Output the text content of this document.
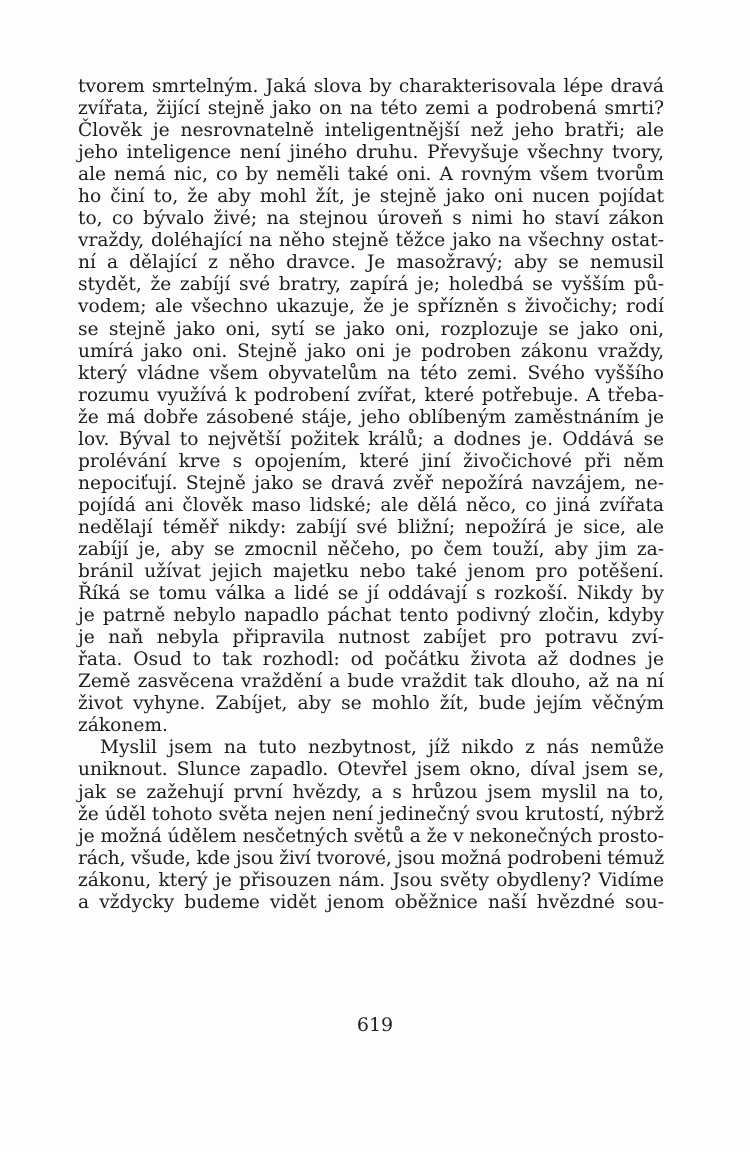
tvorem smrtelným. Jaká slova by charakterisovala lépe dravá
zvířata, žijící stejně jako on na této zemi a podrobená smrti?
Člověk je nesrovnatelně inteligentnější než jeho bratři; ale
jeho inteligence není jiného druhu. Převyšuje všechny tvory,
ale nemá nic, co by neměli také oni. A rovným všem tvorům
ho činí to, že aby mohl žít, je stejně jako oni nucen pojídat
to, co bývalo živé; na stejnou úroveň s nimi ho staví zákon
vraždy, doléhající na něho stejně těžce jako na všechny ostat-
ní a dělající z něho dravce. Je masožravý; aby se nemusil
stydět, že zabíjí své bratry, zapírá je; holedbá se vyšším pů-
vodem; ale všechno ukazuje, že je spřízněn s živočichy; rodí
se stejně jako oni, sytí se jako oni, rozplozuje se jako oni,
umírá jako oni. Stejně jako oni je podroben zákonu vraždy,
který vládne všem obyvatelům na této zemi. Svého vyššího
rozumu využívá k podrobení zvířat, které potřebuje. A třeba-
že má dobře zásobené stáje, jeho oblíbeným zaměstnáním je
lov. Býval to největší požitek králů; a dodnes je. Oddává se
prolévání krve s opojením, které jiní živočichové při něm
nepociťují. Stejně jako se dravá zvěř nepožírá navzájem, ne-
pojídá ani člověk maso lidské; ale dělá něco, co jiná zvířata
nedělají téměř nikdy: zabíjí své bližní; nepožírá je sice, ale
zabíjí je, aby se zmocnil něčeho, po čem touží, aby jim za-
bránil užívat jejich majetku nebo také jenom pro potěšení.
Říká se tomu válka a lidé se jí oddávají s rozkoší. Nikdy by
je patrně nebylo napadlo páchat tento podivný zločin, kdyby
je naň nebyla připravila nutnost zabíjet pro potravu zví-
řata. Osud to tak rozhodl: od počátku života až dodnes je
Země zasvěcena vraždění a bude vraždit tak dlouho, až na ní
život vyhyne. Zabíjet, aby se mohlo žít, bude jejím věčným
zákonem.
Myslil jsem na tuto nezbytnost, jíž nikdo z nás nemůže
uniknout. Slunce zapadlo. Otevřel jsem okno, díval jsem se,
jak se zažehují první hvězdy, a s hrůzou jsem myslil na to,
že úděl tohoto světa nejen není jedinečný svou krutostí, nýbrž
je možná údělem nesčetných světů a že v nekonečných prosto-
rách, všude, kde jsou živí tvorové, jsou možná podrobeni témuž
zákonu, který je přisouzen nám. Jsou světy obydleny? Vidíme
a vždycky budeme vidět jenom oběžnice naší hvězdné sou-
619
